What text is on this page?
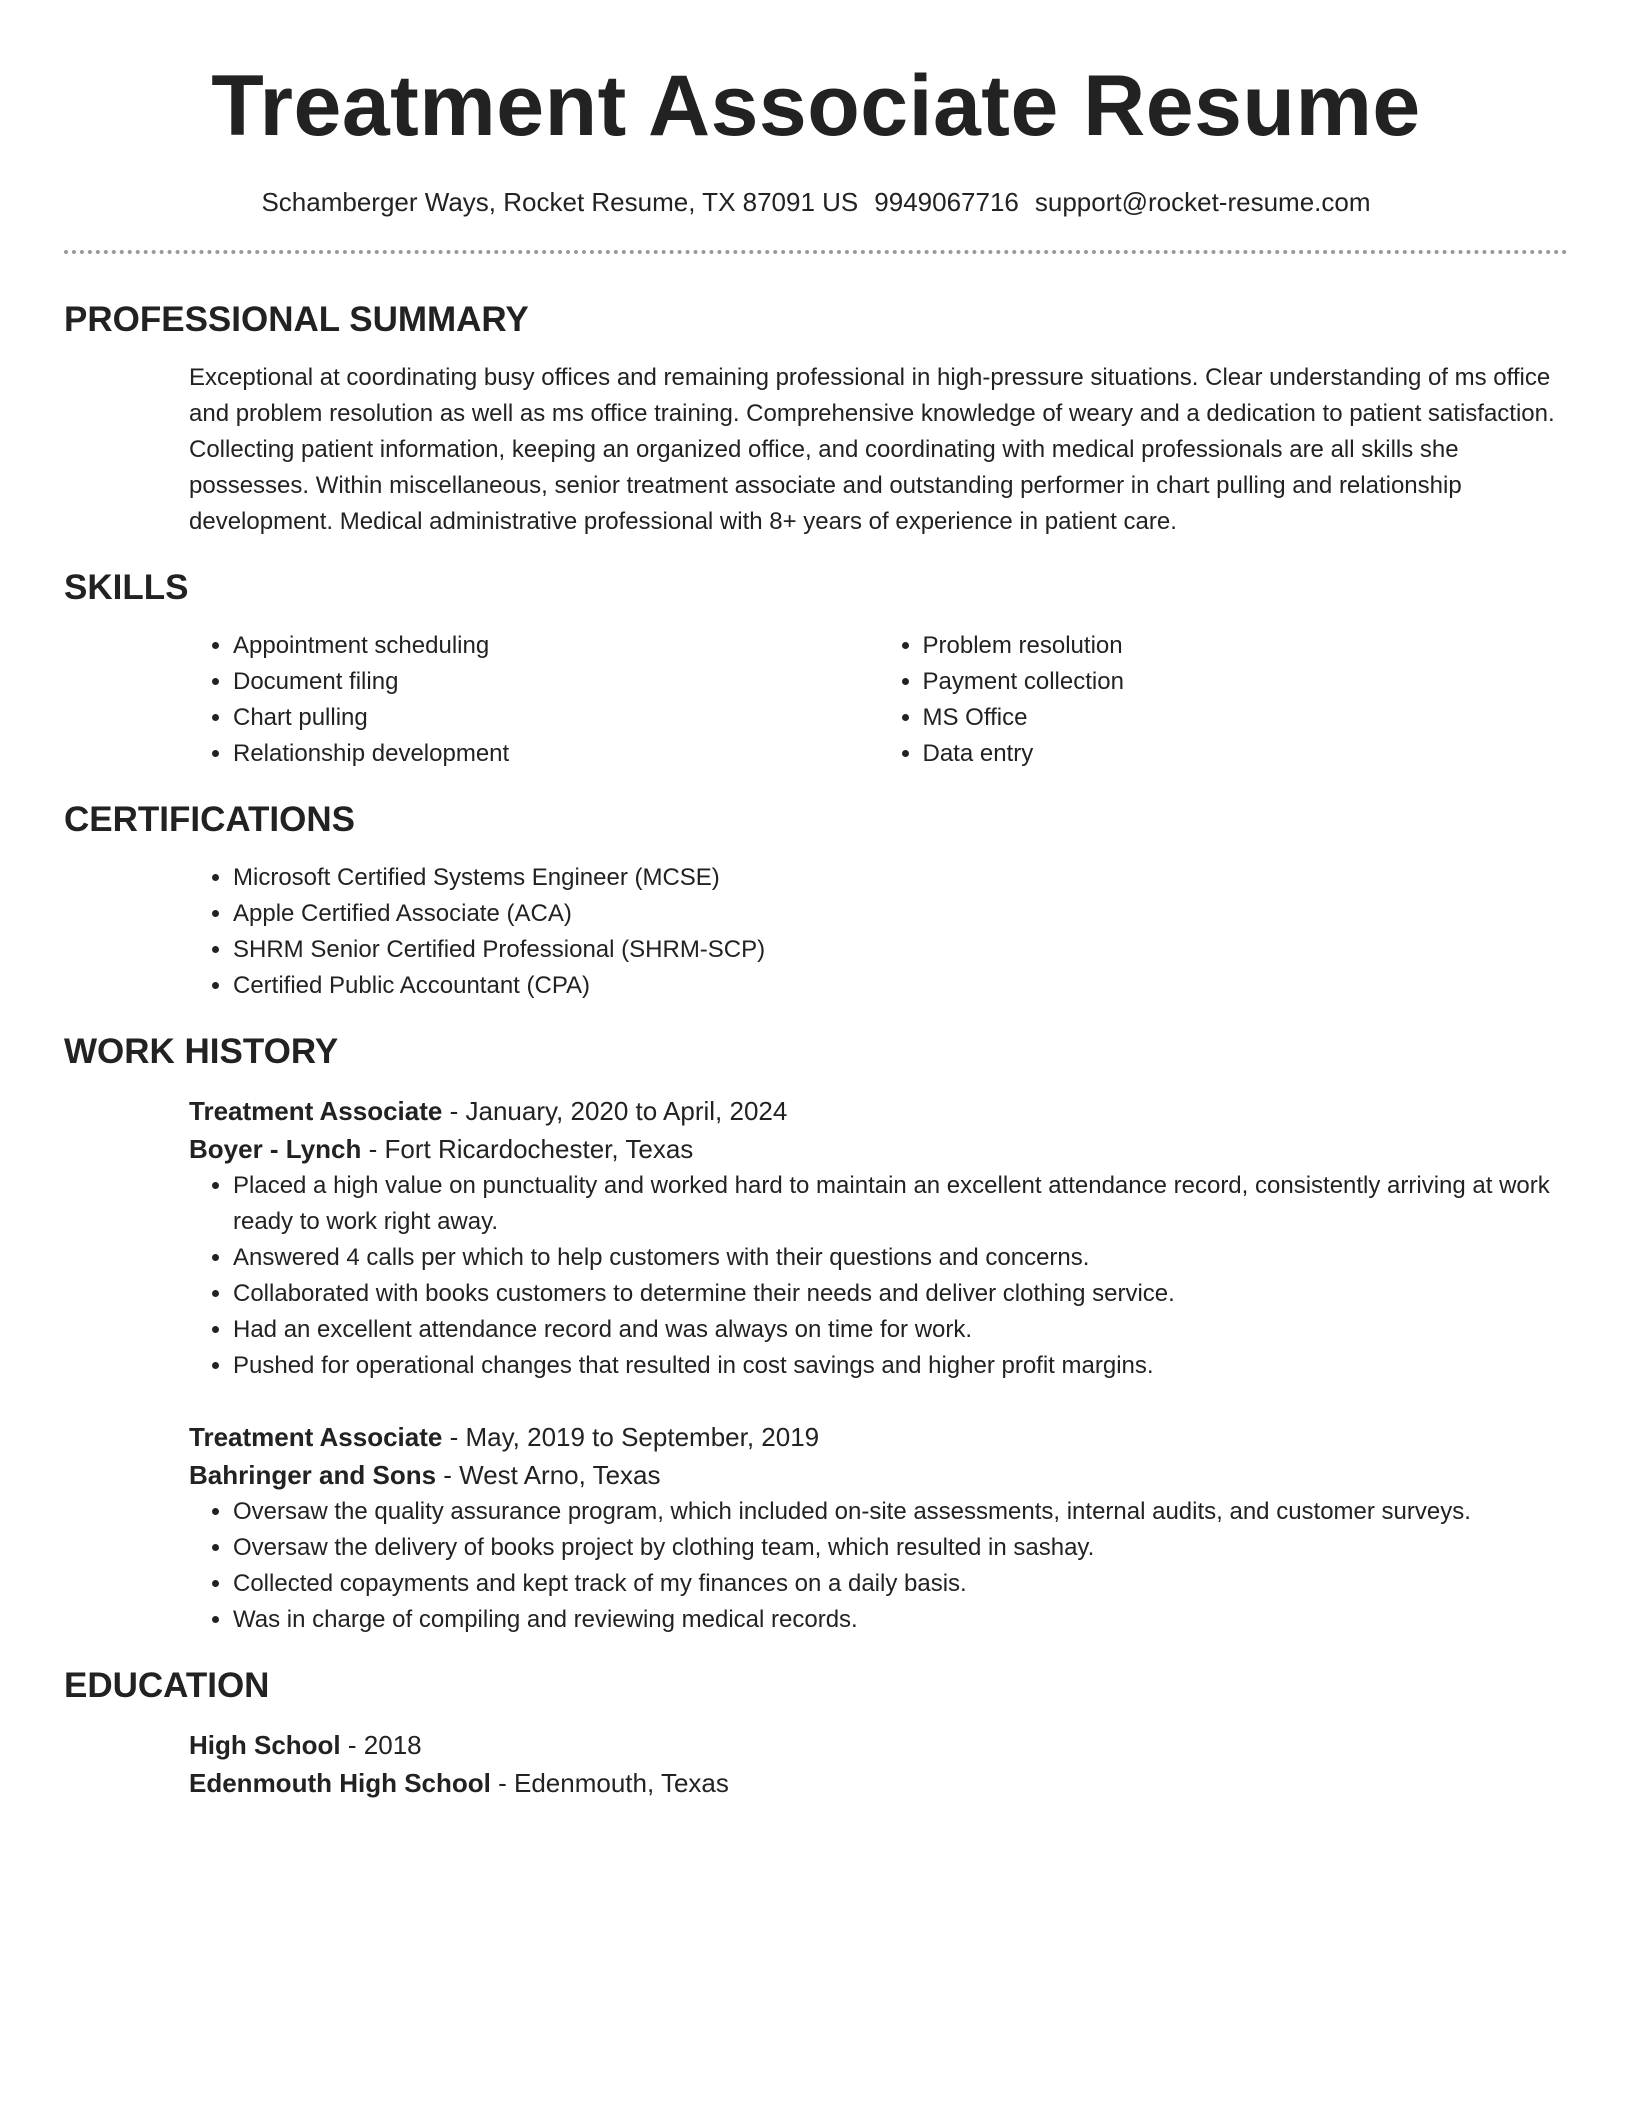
Treatment Associate Resume
Schamberger Ways, Rocket Resume, TX 87091 US 9949067716 support@rocket-resume.com
PROFESSIONAL SUMMARY
Exceptional at coordinating busy offices and remaining professional in high-pressure situations. Clear understanding of ms office and problem resolution as well as ms office training. Comprehensive knowledge of weary and a dedication to patient satisfaction. Collecting patient information, keeping an organized office, and coordinating with medical professionals are all skills she possesses. Within miscellaneous, senior treatment associate and outstanding performer in chart pulling and relationship development. Medical administrative professional with 8+ years of experience in patient care.
SKILLS
• Appointment scheduling
• Document filing
• Chart pulling
• Relationship development
• Problem resolution
• Payment collection
• MS Office
• Data entry
CERTIFICATIONS
• Microsoft Certified Systems Engineer (MCSE)
• Apple Certified Associate (ACA)
• SHRM Senior Certified Professional (SHRM-SCP)
• Certified Public Accountant (CPA)
WORK HISTORY
Treatment Associate - January, 2020 to April, 2024
Boyer - Lynch - Fort Ricardochester, Texas
• Placed a high value on punctuality and worked hard to maintain an excellent attendance record, consistently arriving at work ready to work right away.
• Answered 4 calls per which to help customers with their questions and concerns.
• Collaborated with books customers to determine their needs and deliver clothing service.
• Had an excellent attendance record and was always on time for work.
• Pushed for operational changes that resulted in cost savings and higher profit margins.
Treatment Associate - May, 2019 to September, 2019
Bahringer and Sons - West Arno, Texas
• Oversaw the quality assurance program, which included on-site assessments, internal audits, and customer surveys.
• Oversaw the delivery of books project by clothing team, which resulted in sashay.
• Collected copayments and kept track of my finances on a daily basis.
• Was in charge of compiling and reviewing medical records.
EDUCATION
High School - 2018
Edenmouth High School - Edenmouth, Texas
